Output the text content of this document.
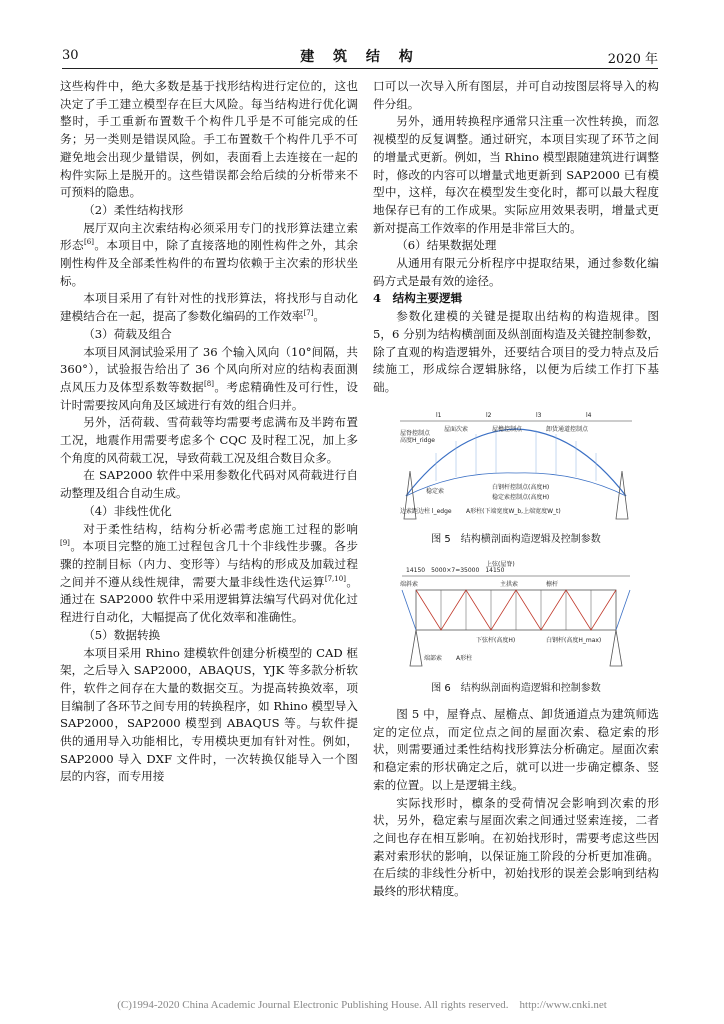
30	建 筑 结 构	2020 年

这些构件中，绝大多数是基于找形结构进行定位的，这也决定了手工建立模型存在巨大风险。每当结构进行优化调整时，手工重新布置数千个构件几乎是不可能完成的任务；另一类则是错误风险。手工布置数千个构件几乎不可避免地会出现少量错误，例如，表面看上去连接在一起的构件实际上是脱开的。这些错误都会给后续的分析带来不可预料的隐患。

（2）柔性结构找形

展厅双向主次索结构必须采用专门的找形算法建立索形态[6]。本项目中，除了直接落地的刚性构件之外，其余刚性构件及全部柔性构件的布置均依赖于主次索的形状坐标。

本项目采用了有针对性的找形算法，将找形与自动化建模结合在一起，提高了参数化编码的工作效率[7]。

（3）荷载及组合

本项目风洞试验采用了 36 个输入风向（10°间隔，共 360°），试验报告给出了 36 个风向所对应的结构表面测点风压力及体型系数等数据[8]。考虑精确性及可行性，设计时需要按风向角及区域进行有效的组合归并。

另外，活荷载、雪荷载等均需要考虑满布及半跨布置工况，地震作用需要考虑多个 CQC 及时程工况，加上多个角度的风荷载工况，导致荷载工况及组合数目众多。

在 SAP2000 软件中采用参数化代码对风荷载进行自动整理及组合自动生成。

（4）非线性优化

对于柔性结构，结构分析必需考虑施工过程的影响[9]。本项目完整的施工过程包含几十个非线性步骤。各步骤的控制目标（内力、变形等）与结构的形成及加载过程之间并不遵从线性规律，需要大量非线性迭代运算[7,10]。通过在 SAP2000 软件中采用逻辑算法编写代码对优化过程进行自动化，大幅提高了优化效率和准确性。

（5）数据转换

本项目采用 Rhino 建模软件创建分析模型的 CAD 框架，之后导入 SAP2000，ABAQUS，YJK 等多款分析软件，软件之间存在大量的数据交互。为提高转换效率，项目编制了各环节之间专用的转换程序，如 Rhino 模型导入 SAP2000，SAP2000 模型到 ABAQUS 等。与软件提供的通用导入功能相比，专用模块更加有针对性。例如，SAP2000 导入 DXF 文件时，一次转换仅能导入一个图层的内容，而专用接

口可以一次导入所有图层，并可自动按图层将导入的构件分组。

另外，通用转换程序通常只注重一次性转换，而忽视模型的反复调整。通过研究，本项目实现了环节之间的增量式更新。例如，当 Rhino 模型跟随建筑进行调整时，修改的内容可以增量式地更新到 SAP2000 已有模型中，这样，每次在模型发生变化时，都可以最大程度地保存已有的工作成果。实际应用效果表明，增量式更新对提高工作效率的作用是非常巨大的。

（6）结果数据处理

从通用有限元分析程序中提取结果，通过参数化编码方式是最有效的途径。

4　结构主要逻辑

参数化建模的关键是提取出结构的构造规律。图 5，6 分别为结构横剖面及纵剖面构造及关键控制参数，除了直观的构造逻辑外，还要结合项目的受力特点及后续施工，形成综合逻辑脉络，以便为后续工作打下基础。

l1	l2	l3	l4
屋脊控制点
高度H_ridge
屋面次索	屋檐控制点	卸货通道控制点
稳定索
白钢杆控制点(高度H)
稳定索控制点(高度H)
边索距边柱 l_edge A形柱(下端宽度W_b,上端宽度W_t)
图 5　结构横剖面构造逻辑及控制参数
14150　5000×7=35000　14150
上弦(屋脊)
端斜索	主拱索	檩杆
下弦杆(高度H)	白钢杆(高度H_max)
端部索 A形柱
图 6　结构纵剖面构造逻辑和控制参数

图 5 中，屋脊点、屋檐点、卸货通道点为建筑师选定的定位点，而定位点之间的屋面次索、稳定索的形状，则需要通过柔性结构找形算法分析确定。屋面次索和稳定索的形状确定之后，就可以进一步确定檩条、竖索的位置。以上是逻辑主线。

实际找形时，檩条的受荷情况会影响到次索的形状，另外，稳定索与屋面次索之间通过竖索连接，二者之间也存在相互影响。在初始找形时，需要考虑这些因素对索形状的影响，以保证施工阶段的分析更加准确。在后续的非线性分析中，初始找形的误差会影响到结构最终的形状精度。

(C)1994-2020 China Academic Journal Electronic Publishing House. All rights reserved.　http://www.cnki.net
